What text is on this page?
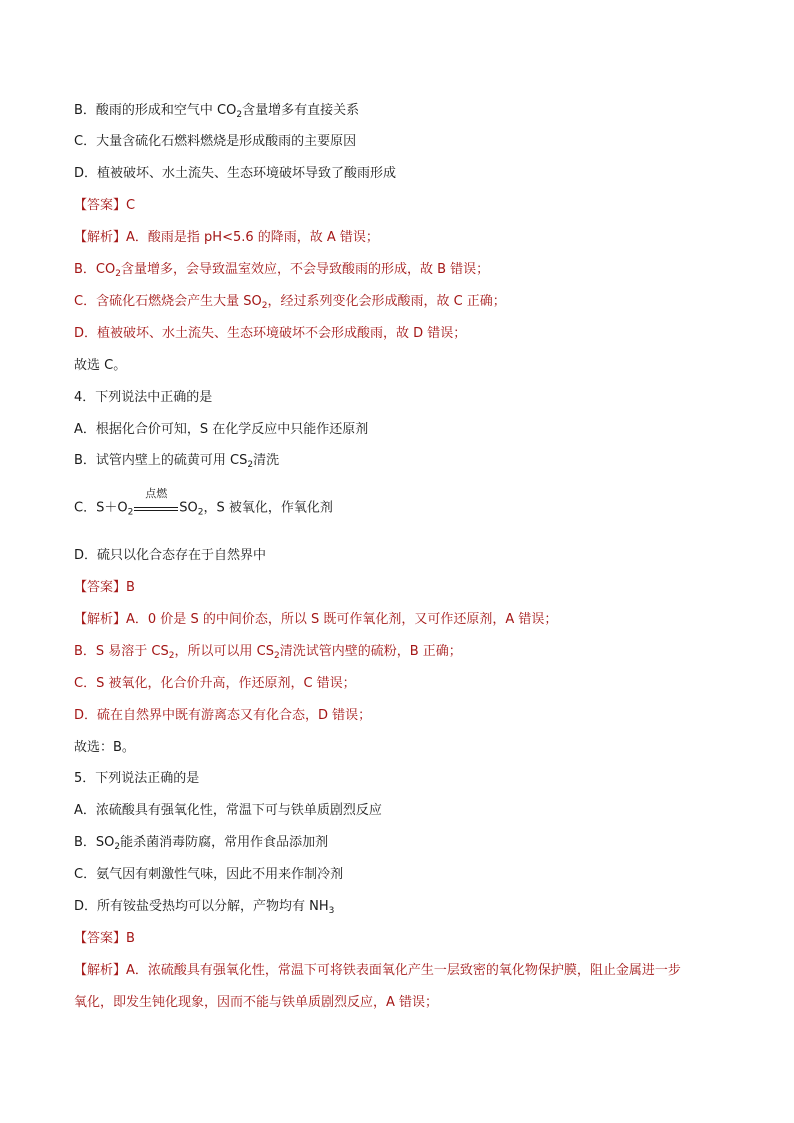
B．酸雨的形成和空气中 $CO_2$含量增多有直接关系
C．大量含硫化石燃料燃烧是形成酸雨的主要原因
D．植被破坏、水土流失、生态环境破坏导致了酸雨形成
【答案】C
【解析】A．酸雨是指 pH<5.6 的降雨，故 A 错误；
B．$CO_2$含量增多，会导致温室效应，不会导致酸雨的形成，故 B 错误；
C．含硫化石燃烧会产生大量 $SO_2$，经过系列变化会形成酸雨，故 C 正确；
D．植被破坏、水土流失、生态环境破坏不会形成酸雨，故 D 错误；
故选 C。
4．下列说法中正确的是
A．根据化合价可知，S 在化学反应中只能作还原剂
B．试管内壁上的硫黄可用 $CS_2$清洗
C．$S+O_2$
点燃
$SO_2$，S 被氧化，作氧化剂
D．硫只以化合态存在于自然界中
【答案】B
【解析】A．0 价是 S 的中间价态，所以 S 既可作氧化剂，又可作还原剂，A 错误；
B．S 易溶于 $CS_2$，所以可以用 $CS_2$清洗试管内壁的硫粉，B 正确；
C．S 被氧化，化合价升高，作还原剂，C 错误；
D．硫在自然界中既有游离态又有化合态，D 错误；
故选：B。
5．下列说法正确的是
A．浓硫酸具有强氧化性，常温下可与铁单质剧烈反应
B．$SO_2$能杀菌消毒防腐，常用作食品添加剂
C．氨气因有刺激性气味，因此不用来作制冷剂
D．所有铵盐受热均可以分解，产物均有 $NH_3$
【答案】B
【解析】A．浓硫酸具有强氧化性，常温下可将铁表面氧化产生一层致密的氧化物保护膜，阻止金属进一步
氧化，即发生钝化现象，因而不能与铁单质剧烈反应，A 错误；
